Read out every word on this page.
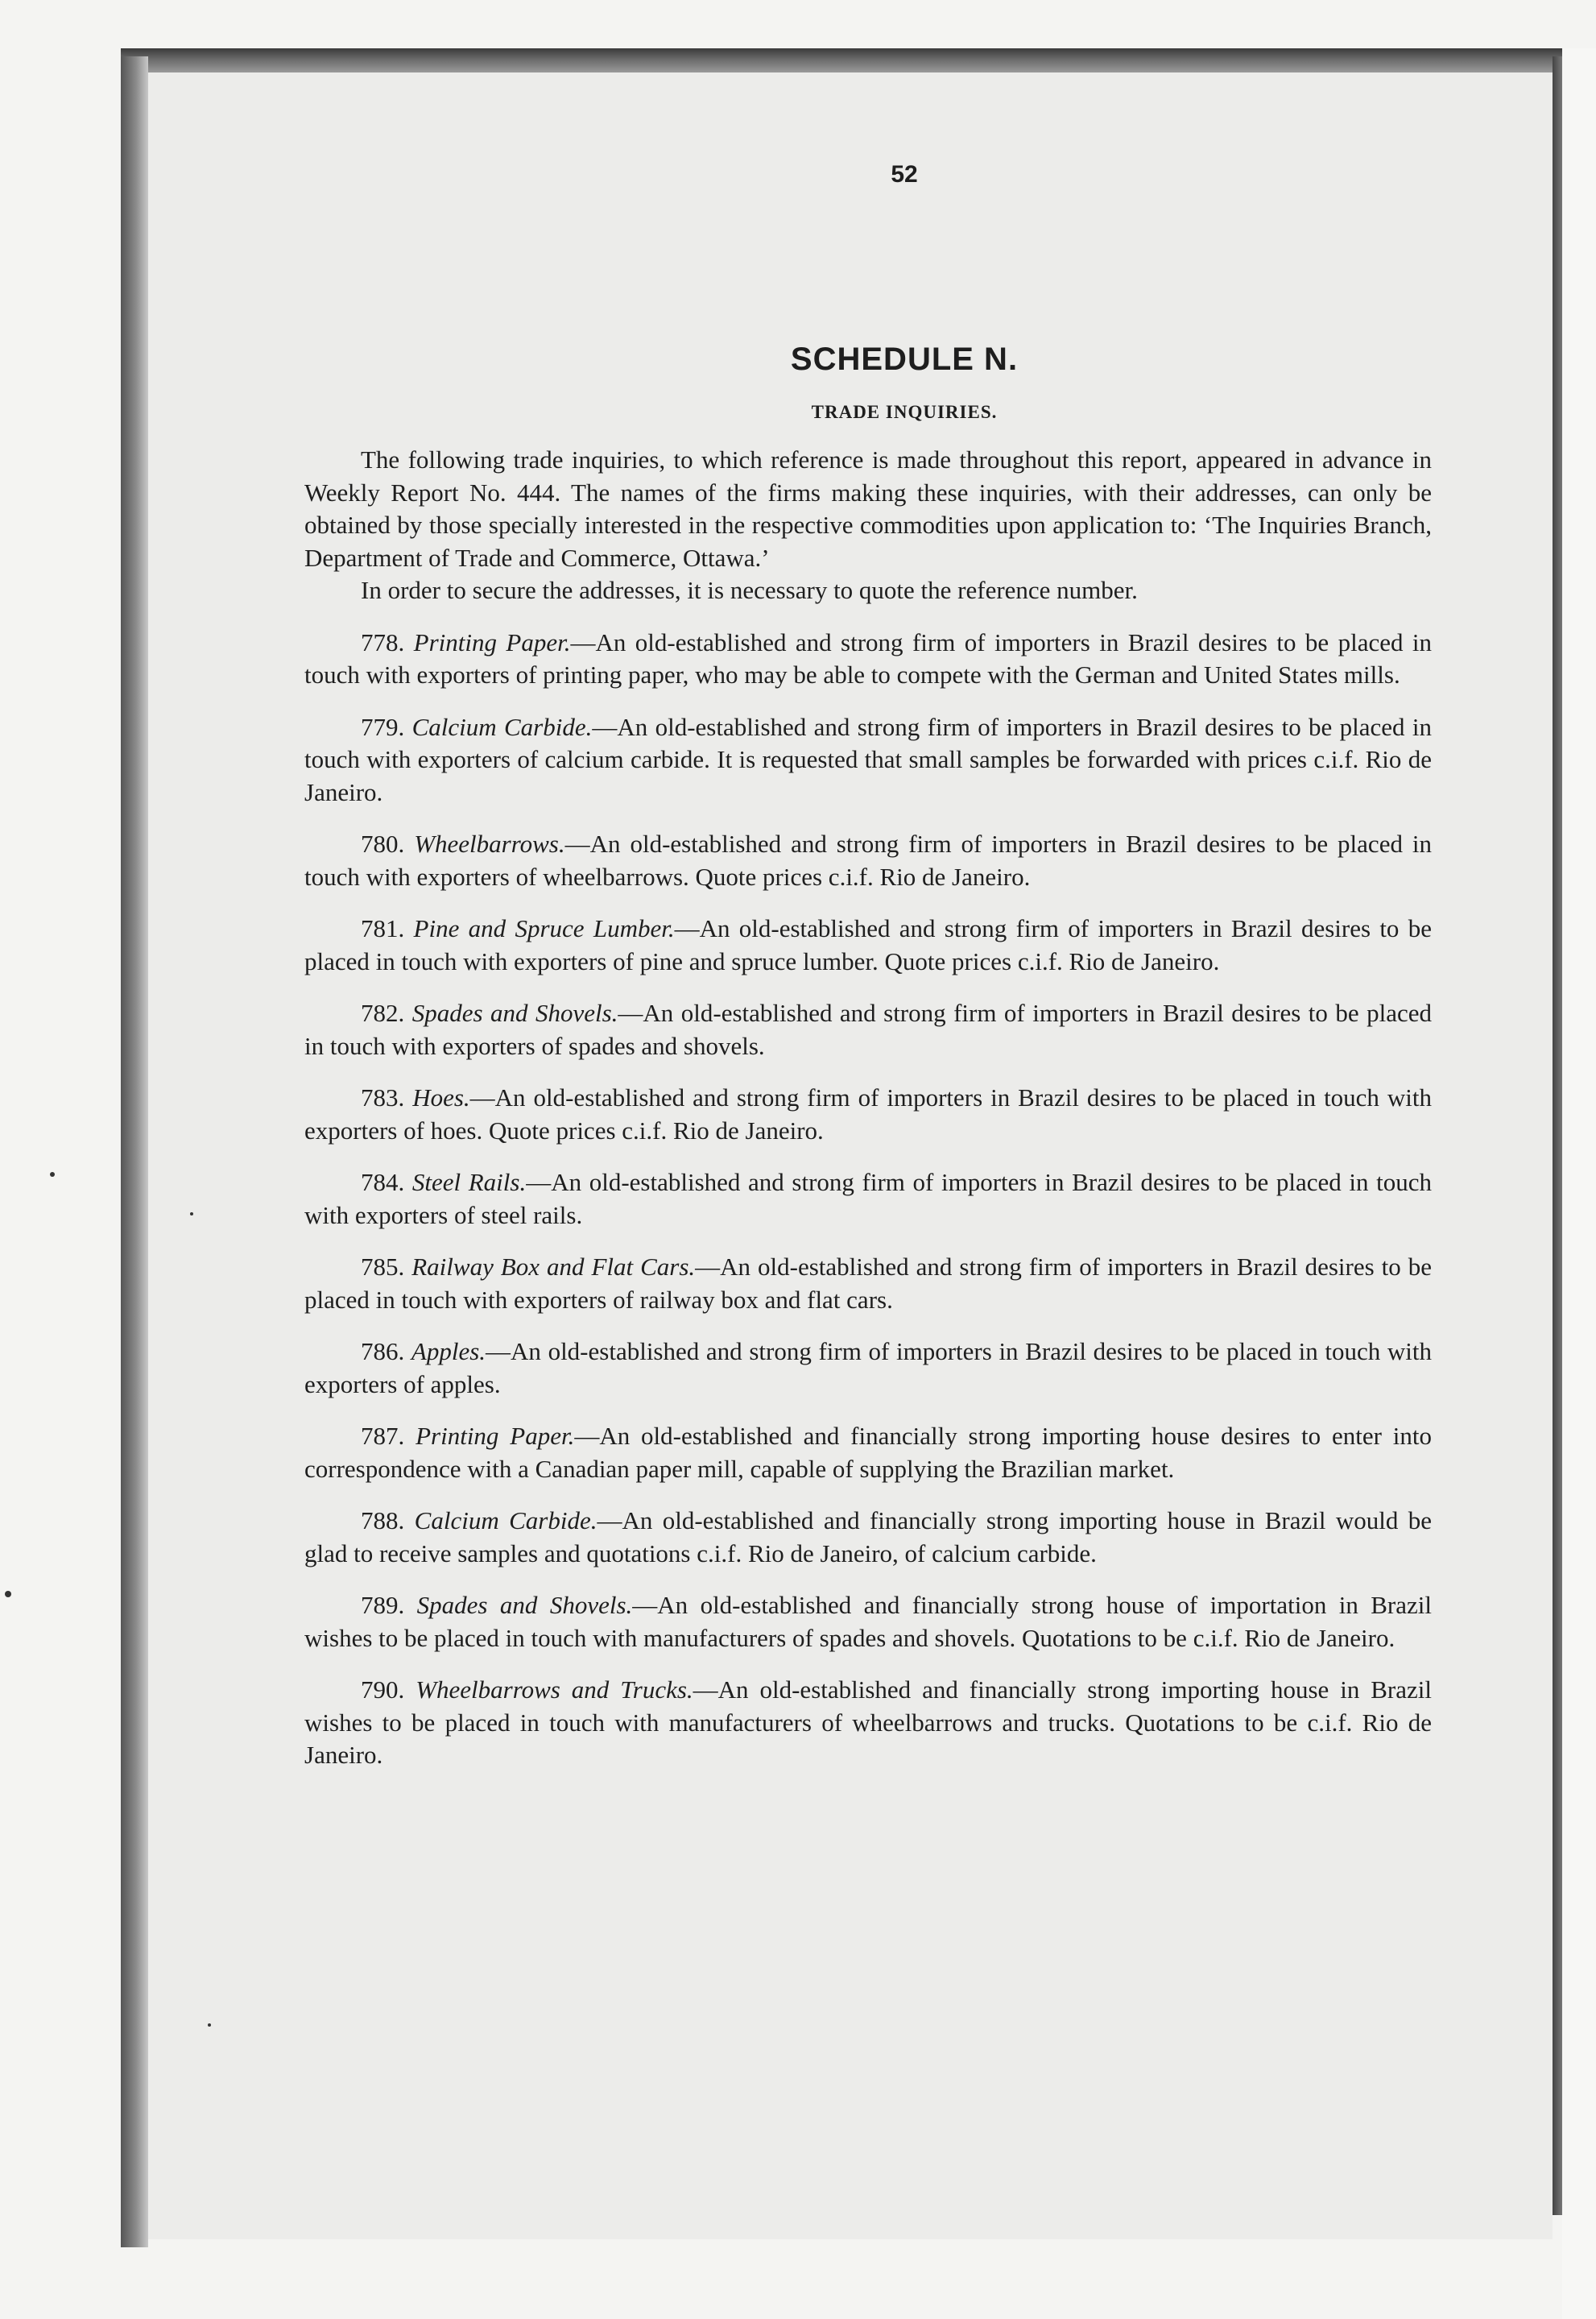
52
SCHEDULE N.
TRADE INQUIRIES.

The following trade inquiries, to which reference is made throughout this report, appeared in advance in Weekly Report No. 444. The names of the firms making these inquiries, with their addresses, can only be obtained by those specially interested in the respective commodities upon application to: ‘The Inquiries Branch, Department of Trade and Commerce, Ottawa.’

In order to secure the addresses, it is necessary to quote the reference number.

778. Printing Paper.—An old-established and strong firm of importers in Brazil desires to be placed in touch with exporters of printing paper, who may be able to compete with the German and United States mills.

779. Calcium Carbide.—An old-established and strong firm of importers in Brazil desires to be placed in touch with exporters of calcium carbide. It is requested that small samples be forwarded with prices c.i.f. Rio de Janeiro.

780. Wheelbarrows.—An old-established and strong firm of importers in Brazil desires to be placed in touch with exporters of wheelbarrows. Quote prices c.i.f. Rio de Janeiro.

781. Pine and Spruce Lumber.—An old-established and strong firm of importers in Brazil desires to be placed in touch with exporters of pine and spruce lumber. Quote prices c.i.f. Rio de Janeiro.

782. Spades and Shovels.—An old-established and strong firm of importers in Brazil desires to be placed in touch with exporters of spades and shovels.

783. Hoes.—An old-established and strong firm of importers in Brazil desires to be placed in touch with exporters of hoes. Quote prices c.i.f. Rio de Janeiro.

784. Steel Rails.—An old-established and strong firm of importers in Brazil desires to be placed in touch with exporters of steel rails.

785. Railway Box and Flat Cars.—An old-established and strong firm of importers in Brazil desires to be placed in touch with exporters of railway box and flat cars.

786. Apples.—An old-established and strong firm of importers in Brazil desires to be placed in touch with exporters of apples.

787. Printing Paper.—An old-established and financially strong importing house desires to enter into correspondence with a Canadian paper mill, capable of supplying the Brazilian market.

788. Calcium Carbide.—An old-established and financially strong importing house in Brazil would be glad to receive samples and quotations c.i.f. Rio de Janeiro, of calcium carbide.

789. Spades and Shovels.—An old-established and financially strong house of importation in Brazil wishes to be placed in touch with manufacturers of spades and shovels. Quotations to be c.i.f. Rio de Janeiro.

790. Wheelbarrows and Trucks.—An old-established and financially strong importing house in Brazil wishes to be placed in touch with manufacturers of wheelbarrows and trucks. Quotations to be c.i.f. Rio de Janeiro.
